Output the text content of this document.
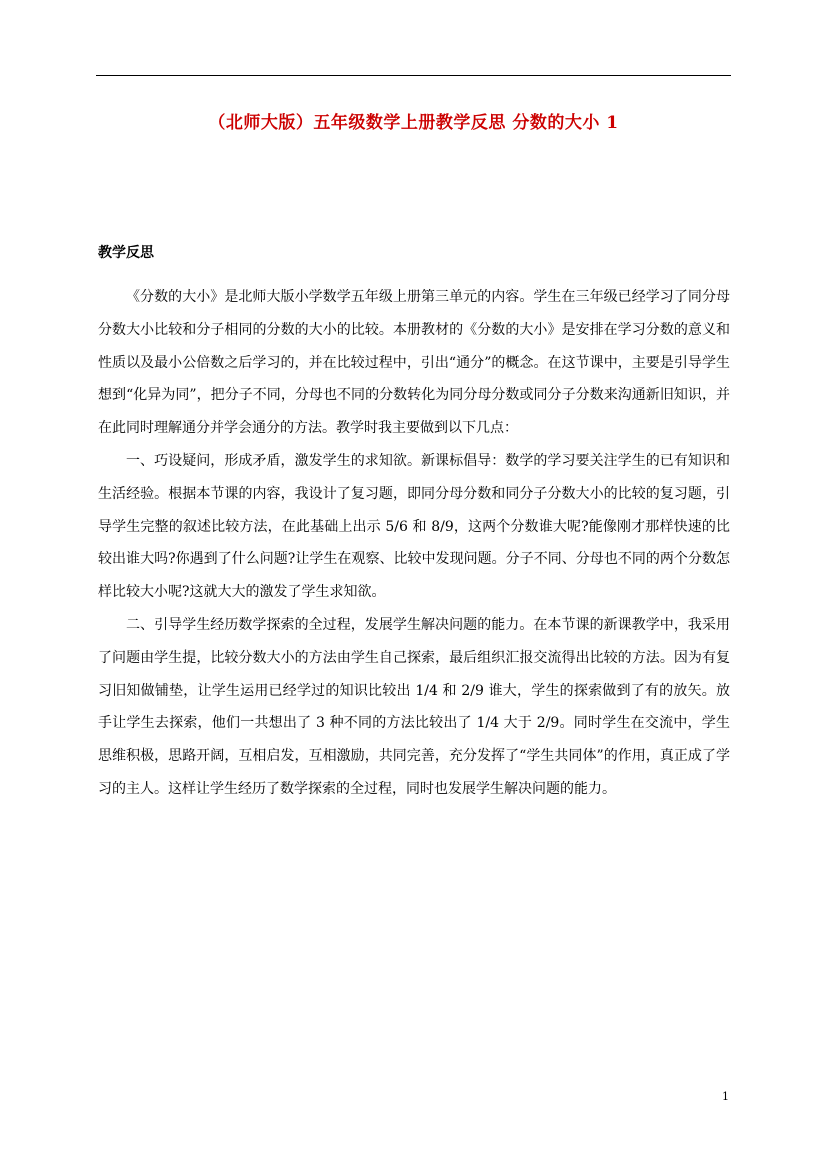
（北师大版）五年级数学上册教学反思 分数的大小 1
教学反思

《分数的大小》是北师大版小学数学五年级上册第三单元的内容。学生在三年级已经学习了同分母分数大小比较和分子相同的分数的大小的比较。本册教材的《分数的大小》是安排在学习分数的意义和性质以及最小公倍数之后学习的，并在比较过程中，引出“通分”的概念。在这节课中，主要是引导学生想到“化异为同”，把分子不同，分母也不同的分数转化为同分母分数或同分子分数来沟通新旧知识，并在此同时理解通分并学会通分的方法。教学时我主要做到以下几点：

一、巧设疑问，形成矛盾，激发学生的求知欲。新课标倡导：数学的学习要关注学生的已有知识和生活经验。根据本节课的内容，我设计了复习题，即同分母分数和同分子分数大小的比较的复习题，引导学生完整的叙述比较方法，在此基础上出示 5/6 和 8/9，这两个分数谁大呢?能像刚才那样快速的比较出谁大吗?你遇到了什么问题?让学生在观察、比较中发现问题。分子不同、分母也不同的两个分数怎样比较大小呢?这就大大的激发了学生求知欲。

二、引导学生经历数学探索的全过程，发展学生解决问题的能力。在本节课的新课教学中，我采用了问题由学生提，比较分数大小的方法由学生自己探索，最后组织汇报交流得出比较的方法。因为有复习旧知做铺垫，让学生运用已经学过的知识比较出 1/4 和 2/9 谁大，学生的探索做到了有的放矢。放手让学生去探索，他们一共想出了 3 种不同的方法比较出了 1/4 大于 2/9。同时学生在交流中，学生思维积极，思路开阔，互相启发，互相激励，共同完善，充分发挥了“学生共同体”的作用，真正成了学习的主人。这样让学生经历了数学探索的全过程，同时也发展学生解决问题的能力。

1
